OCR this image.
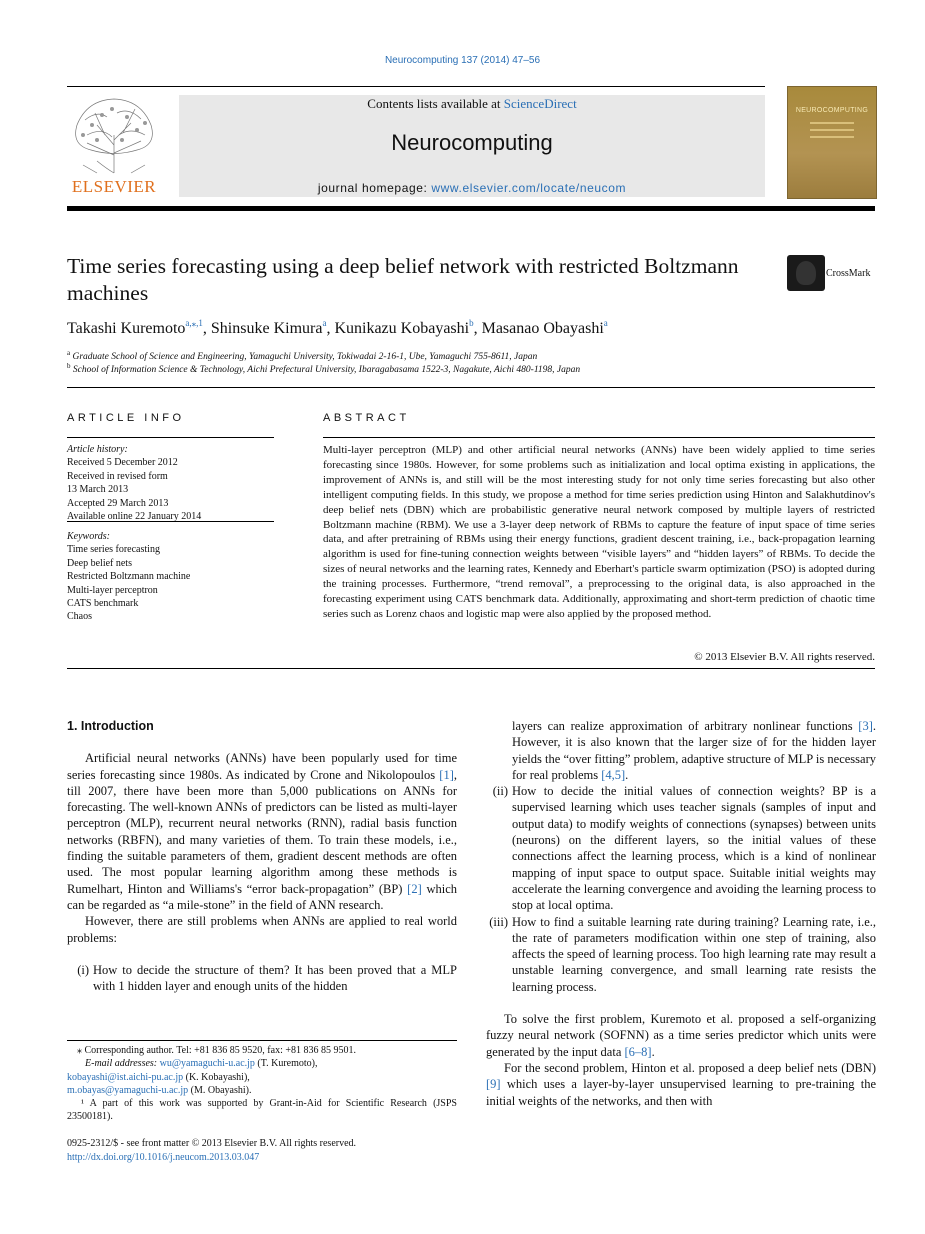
Neurocomputing 137 (2014) 47–56
ELSEVIER
Contents lists available at ScienceDirect
Neurocomputing
journal homepage: www.elsevier.com/locate/neucom
NEUROCOMPUTING
Time series forecasting using a deep belief network with restricted Boltzmann machines
CrossMark
Takashi Kuremoto$^{a,⁎,1}$, Shinsuke Kimura$^a$, Kunikazu Kobayashi$^b$, Masanao Obayashi$^a$
$^a$ Graduate School of Science and Engineering, Yamaguchi University, Tokiwadai 2-16-1, Ube, Yamaguchi 755-8611, Japan
$^b$ School of Information Science & Technology, Aichi Prefectural University, Ibaragabasama 1522-3, Nagakute, Aichi 480-1198, Japan
ARTICLE INFO
Article history:
Received 5 December 2012
Received in revised form
13 March 2013
Accepted 29 March 2013
Available online 22 January 2014
Keywords:
Time series forecasting
Deep belief nets
Restricted Boltzmann machine
Multi-layer perceptron
CATS benchmark
Chaos
ABSTRACT
Multi-layer perceptron (MLP) and other artificial neural networks (ANNs) have been widely applied to time series forecasting since 1980s. However, for some problems such as initialization and local optima existing in applications, the improvement of ANNs is, and still will be the most interesting study for not only time series forecasting but also other intelligent computing fields. In this study, we propose a method for time series prediction using Hinton and Salakhutdinov's deep belief nets (DBN) which are probabilistic generative neural network composed by multiple layers of restricted Boltzmann machine (RBM). We use a 3-layer deep network of RBMs to capture the feature of input space of time series data, and after pretraining of RBMs using their energy functions, gradient descent training, i.e., back-propagation learning algorithm is used for fine-tuning connection weights between “visible layers” and “hidden layers” of RBMs. To decide the sizes of neural networks and the learning rates, Kennedy and Eberhart's particle swarm optimization (PSO) is adopted during the training processes. Furthermore, “trend removal”, a preprocessing to the original data, is also approached in the forecasting experiment using CATS benchmark data. Additionally, approximating and short-term prediction of chaotic time series such as Lorenz chaos and logistic map were also applied by the proposed method.
© 2013 Elsevier B.V. All rights reserved.

1. Introduction

Artificial neural networks (ANNs) have been popularly used for time series forecasting since 1980s. As indicated by Crone and Nikolopoulos [1], till 2007, there have been more than 5,000 publications on ANNs for forecasting. The well-known ANNs of predictors can be listed as multi-layer perceptron (MLP), recurrent neural networks (RNN), radial basis function networks (RBFN), and many varieties of them. To train these models, i.e., finding the suitable parameters of them, gradient descent methods are often used. The most popular learning algorithm among these methods is Rumelhart, Hinton and Williams's “error back-propagation” (BP) [2] which can be regarded as “a mile-stone” in the field of ANN research.

However, there are still problems when ANNs are applied to real world problems:

(i) How to decide the structure of them? It has been proved that a MLP with 1 hidden layer and enough units of the hidden
layers can realize approximation of arbitrary nonlinear functions [3]. However, it is also known that the larger size of for the hidden layer yields the “over fitting” problem, adaptive structure of MLP is necessary for real problems [4,5].
(ii) How to decide the initial values of connection weights? BP is a supervised learning which uses teacher signals (samples of input and output data) to modify weights of connections (synapses) between units (neurons) on the different layers, so the initial values of these connections affect the learning process, which is a kind of nonlinear mapping of input space to output space. Suitable initial weights may accelerate the learning convergence and avoiding the learning process to stop at local optima.
(iii) How to find a suitable learning rate during training? Learning rate, i.e., the rate of parameters modification within one step of training, also affects the speed of learning process. Too high learning rate may result a unstable learning convergence, and small learning rate resists the learning process.

To solve the first problem, Kuremoto et al. proposed a self-organizing fuzzy neural network (SOFNN) as a time series predictor which units were generated by the input data [6–8].

For the second problem, Hinton et al. proposed a deep belief nets (DBN) [9] which uses a layer-by-layer unsupervised learning to pre-training the initial weights of the networks, and then with

⁎ Corresponding author. Tel: +81 836 85 9520, fax: +81 836 85 9501.

E-mail addresses: wu@yamaguchi-u.ac.jp (T. Kuremoto),

kobayashi@ist.aichi-pu.ac.jp (K. Kobayashi),

m.obayas@yamaguchi-u.ac.jp (M. Obayashi).

¹ A part of this work was supported by Grant-in-Aid for Scientific Research (JSPS 23500181).

0925-2312/$ - see front matter © 2013 Elsevier B.V. All rights reserved.

http://dx.doi.org/10.1016/j.neucom.2013.03.047
